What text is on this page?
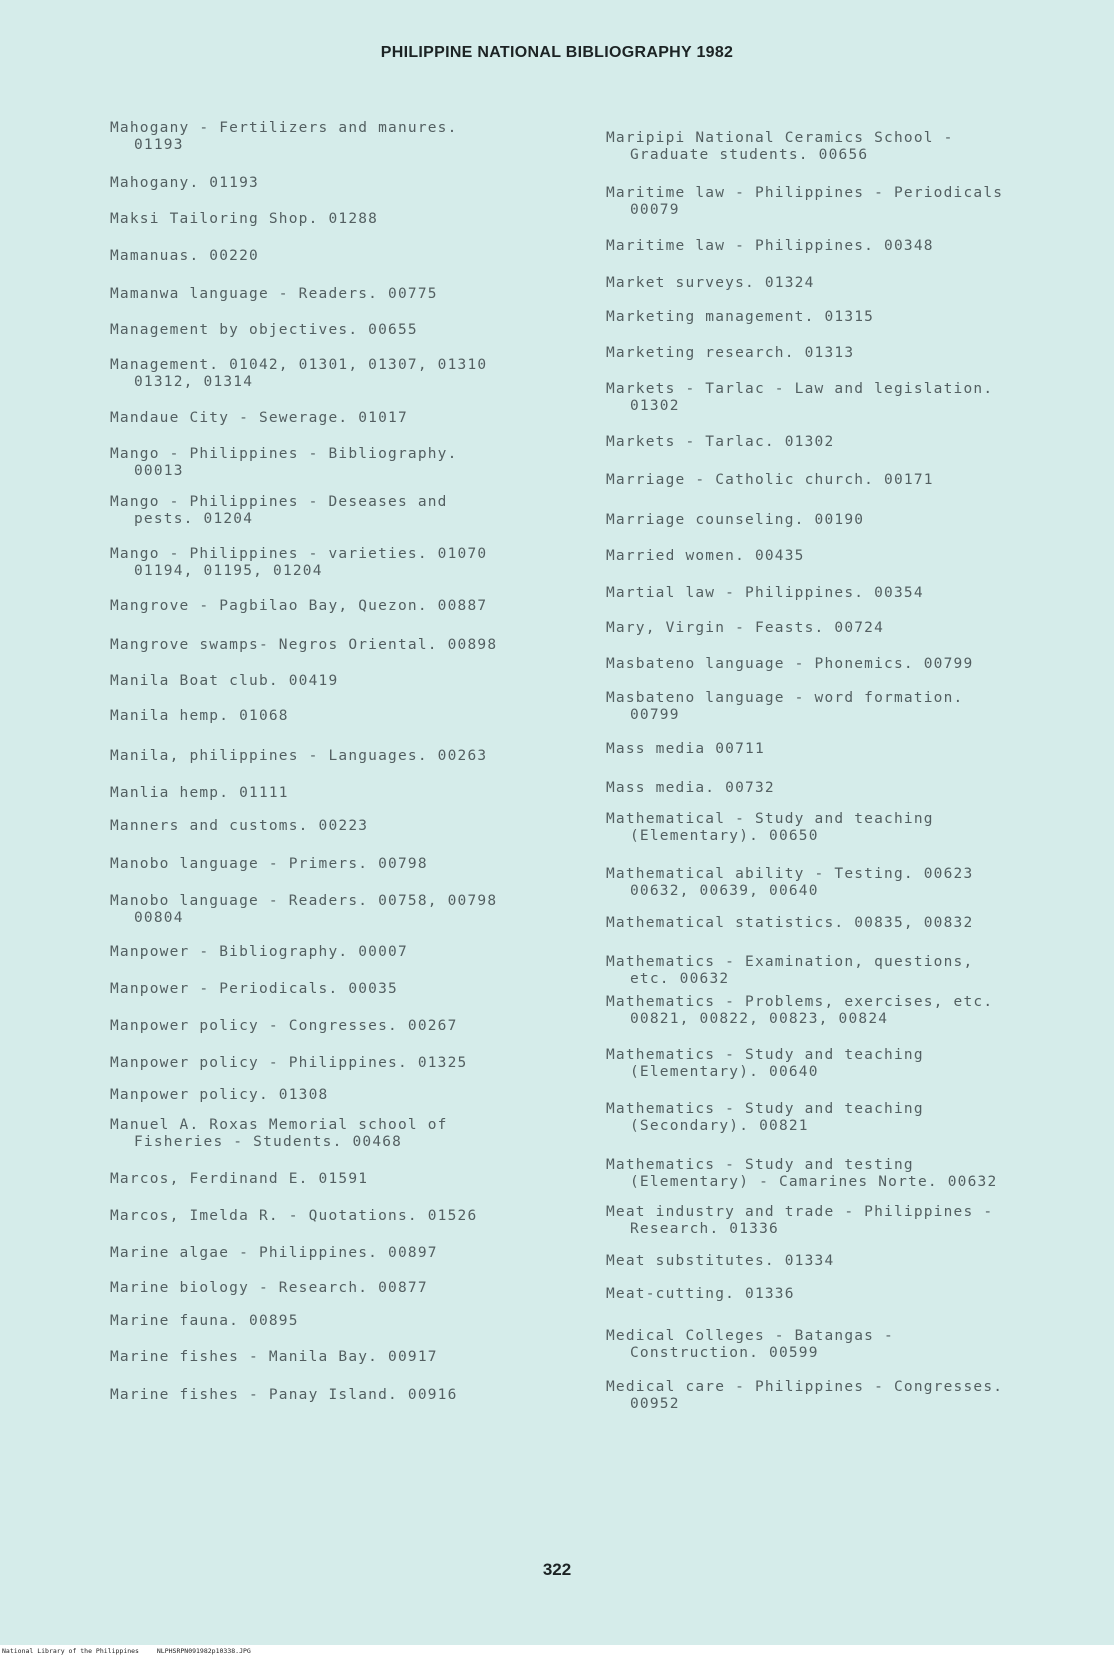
PHILIPPINE NATIONAL BIBLIOGRAPHY 1982
Mahogany - Fertilizers and manures.
01193
Mahogany. 01193
Maksi Tailoring Shop. 01288
Mamanuas. 00220
Mamanwa language - Readers. 00775
Management by objectives. 00655
Management. 01042, 01301, 01307, 01310
01312, 01314
Mandaue City - Sewerage. 01017
Mango - Philippines - Bibliography.
00013
Mango - Philippines - Deseases and
pests. 01204
Mango - Philippines - varieties. 01070
01194, 01195, 01204
Mangrove - Pagbilao Bay, Quezon. 00887
Mangrove swamps- Negros Oriental. 00898
Manila Boat club. 00419
Manila hemp. 01068
Manila, philippines - Languages. 00263
Manlia hemp. 01111
Manners and customs. 00223
Manobo language - Primers. 00798
Manobo language - Readers. 00758, 00798
00804
Manpower - Bibliography. 00007
Manpower - Periodicals. 00035
Manpower policy - Congresses. 00267
Manpower policy - Philippines. 01325
Manpower policy. 01308
Manuel A. Roxas Memorial school of
Fisheries - Students. 00468
Marcos, Ferdinand E. 01591
Marcos, Imelda R. - Quotations. 01526
Marine algae - Philippines. 00897
Marine biology - Research. 00877
Marine fauna. 00895
Marine fishes - Manila Bay. 00917
Marine fishes - Panay Island. 00916
Maripipi National Ceramics School -
Graduate students. 00656
Maritime law - Philippines - Periodicals
00079
Maritime law - Philippines. 00348
Market surveys. 01324
Marketing management. 01315
Marketing research. 01313
Markets - Tarlac - Law and legislation.
01302
Markets - Tarlac. 01302
Marriage - Catholic church. 00171
Marriage counseling. 00190
Married women. 00435
Martial law - Philippines. 00354
Mary, Virgin - Feasts. 00724
Masbateno language - Phonemics. 00799
Masbateno language - word formation.
00799
Mass media 00711
Mass media. 00732
Mathematical - Study and teaching
(Elementary). 00650
Mathematical ability - Testing. 00623
00632, 00639, 00640
Mathematical statistics. 00835, 00832
Mathematics - Examination, questions,
etc. 00632
Mathematics - Problems, exercises, etc.
00821, 00822, 00823, 00824
Mathematics - Study and teaching
(Elementary). 00640
Mathematics - Study and teaching
(Secondary). 00821
Mathematics - Study and testing
(Elementary) - Camarines Norte. 00632
Meat industry and trade - Philippines -
Research. 01336
Meat substitutes. 01334
Meat-cutting. 01336
Medical Colleges - Batangas -
Construction. 00599
Medical care - Philippines - Congresses.
00952
322
National Library of the Philippines	NLPHSRPN091982p10338.JPG
